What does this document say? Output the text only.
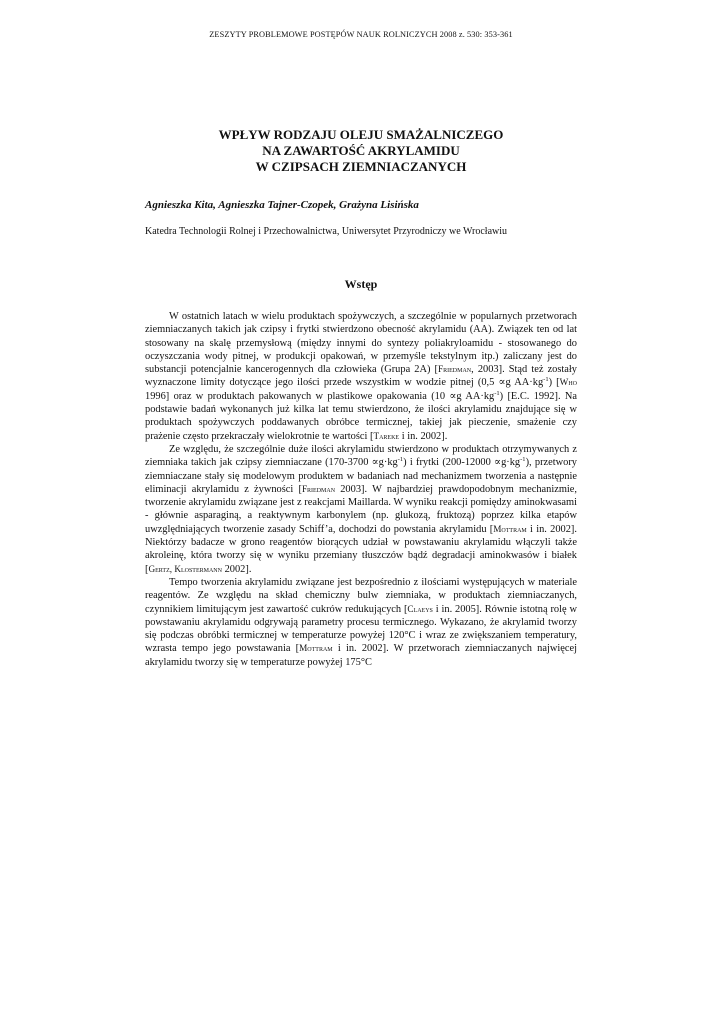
ZESZYTY PROBLEMOWE POSTĘPÓW NAUK ROLNICZYCH 2008 z. 530: 353-361
WPŁYW RODZAJU OLEJU SMAŻALNICZEGO
NA ZAWARTOŚĆ AKRYLAMIDU
W CZIPSACH ZIEMNIACZANYCH
Agnieszka Kita, Agnieszka Tajner-Czopek, Grażyna Lisińska
Katedra Technologii Rolnej i Przechowalnictwa, Uniwersytet Przyrodniczy we Wrocławiu
Wstęp

W ostatnich latach w wielu produktach spożywczych, a szczególnie w popularnych przetworach ziemniaczanych takich jak czipsy i frytki stwierdzono obecność akrylamidu (AA). Związek ten od lat stosowany na skalę przemysłową (między innymi do syntezy poliakryloamidu - stosowanego do oczyszczania wody pitnej, w produkcji opakowań, w przemyśle tekstylnym itp.) zaliczany jest do substancji potencjalnie kancerogennych dla człowieka (Grupa 2A) [Friedman, 2003]. Stąd też zostały wyznaczone limity dotyczące jego ilości przede wszystkim w wodzie pitnej (0,5 ∝g $AA\cdot kg^{-1}$) [Who 1996] oraz w produktach pakowanych w plastikowe opakowania (10 ∝g $AA\cdot kg^{-1}$) [E.C. 1992]. Na podstawie badań wykonanych już kilka lat temu stwierdzono, że ilości akrylamidu znajdujące się w produktach spożywczych poddawanych obróbce termicznej, takiej jak pieczenie, smażenie czy prażenie często przekraczały wielokrotnie te wartości [Tareke i in. 2002].

Ze względu, że szczególnie duże ilości akrylamidu stwierdzono w produktach otrzymywanych z ziemniaka takich jak czipsy ziemniaczane $(170-3700 \propto g\cdot kg^{-1})$ i frytki $(200-12000 \propto g\cdot kg^{-1})$, przetwory ziemniaczane stały się modelowym produktem w badaniach nad mechanizmem tworzenia a następnie eliminacji akrylamidu z żywności [Friedman 2003]. W najbardziej prawdopodobnym mechanizmie, tworzenie akrylamidu związane jest z reakcjami Maillarda. W wyniku reakcji pomiędzy aminokwasami - głównie asparaginą, a reaktywnym karbonylem (np. glukozą, fruktozą) poprzez kilka etapów uwzględniających tworzenie zasady Schiff’a, dochodzi do powstania akrylamidu [Mottram i in. 2002]. Niektórzy badacze w grono reagentów biorących udział w powstawaniu akrylamidu włączyli także akroleinę, która tworzy się w wyniku przemiany tłuszczów bądź degradacji aminokwasów i białek [Gertz, Klostermann 2002].

Tempo tworzenia akrylamidu związane jest bezpośrednio z ilościami występujących w materiale reagentów. Ze względu na skład chemiczny bulw ziemniaka, w produktach ziemniaczanych, czynnikiem limitującym jest zawartość cukrów redukujących [Claeys i in. 2005]. Równie istotną rolę w powstawaniu akrylamidu odgrywają parametry procesu termicznego. Wykazano, że akrylamid tworzy się podczas obróbki termicznej w temperaturze powyżej 120°C i wraz ze zwiększaniem temperatury, wzrasta tempo jego powstawania [Mottram i in. 2002]. W przetworach ziemniaczanych najwięcej akrylamidu tworzy się w temperaturze powyżej 175°C
